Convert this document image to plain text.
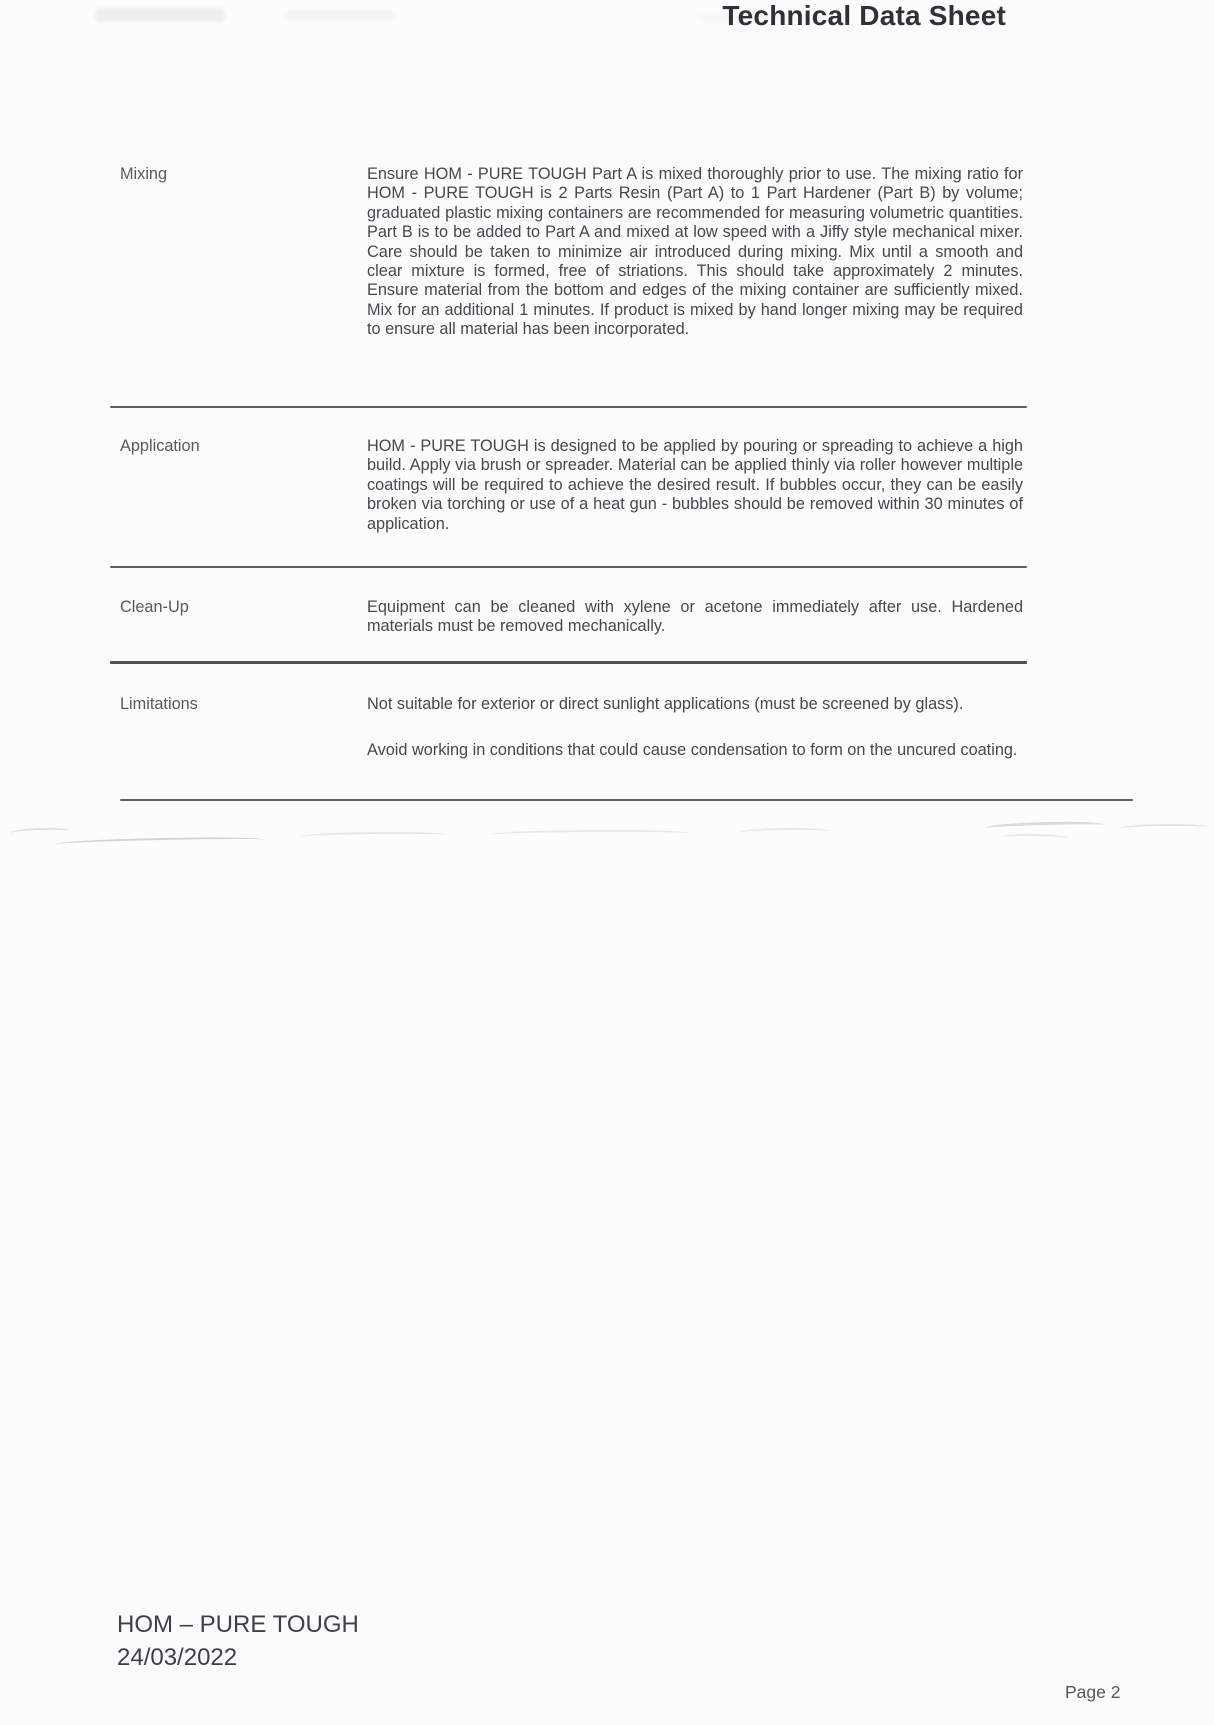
Technical Data Sheet
Mixing	Ensure HOM - PURE TOUGH Part A is mixed thoroughly prior to use. The mixing ratio for HOM - PURE TOUGH is 2 Parts Resin (Part A) to 1 Part Hardener (Part B) by volume; graduated plastic mixing containers are recommended for measuring volumetric quantities. Part B is to be added to Part A and mixed at low speed with a Jiffy style mechanical mixer. Care should be taken to minimize air introduced during mixing. Mix until a smooth and clear mixture is formed, free of striations. This should take approximately 2 minutes. Ensure material from the bottom and edges of the mixing container are sufficiently mixed. Mix for an additional 1 minutes. If product is mixed by hand longer mixing may be required to ensure all material has been incorporated.

Application	HOM - PURE TOUGH is designed to be applied by pouring or spreading to achieve a high build. Apply via brush or spreader. Material can be applied thinly via roller however multiple coatings will be required to achieve the desired result. If bubbles occur, they can be easily broken via torching or use of a heat gun - bubbles should be removed within 30 minutes of application.

Clean-Up	Equipment can be cleaned with xylene or acetone immediately after use. Hardened materials must be removed mechanically.

Limitations	Not suitable for exterior or direct sunlight applications (must be screened by glass).

Avoid working in conditions that could cause condensation to form on the uncured coating.

HOM – PURE TOUGH
24/03/2022
Page 2
